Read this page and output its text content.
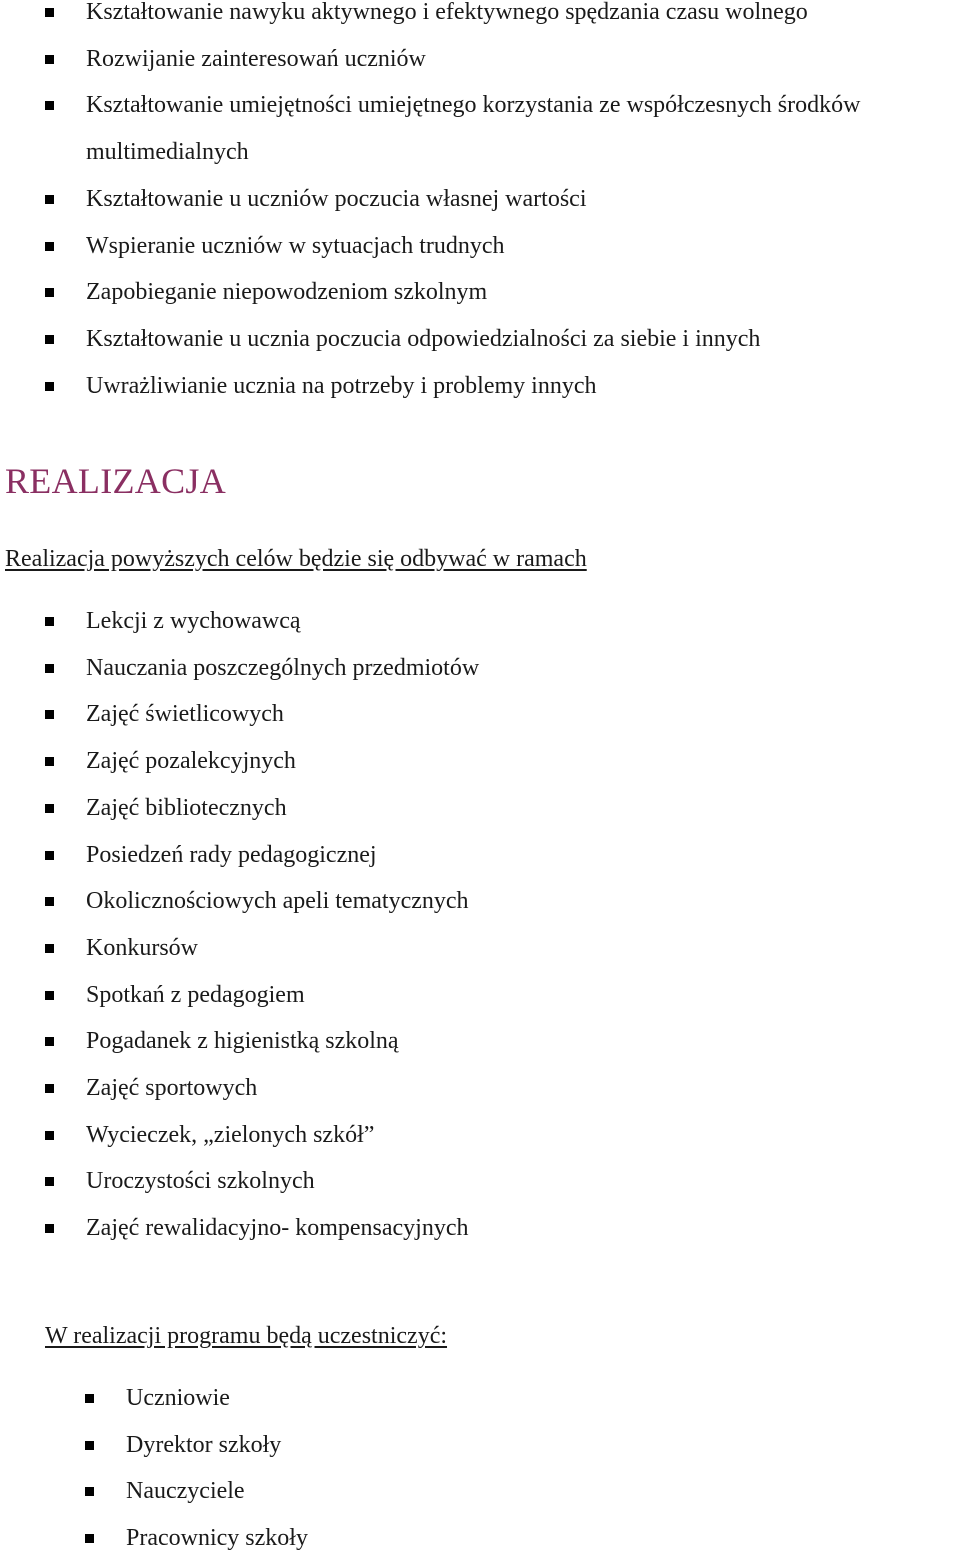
Kształtowanie nawyku aktywnego i efektywnego spędzania czasu wolnego
Rozwijanie zainteresowań uczniów
Kształtowanie umiejętności umiejętnego korzystania ze współczesnych środków
multimedialnych
Kształtowanie u uczniów poczucia własnej wartości
Wspieranie uczniów w sytuacjach trudnych
Zapobieganie niepowodzeniom szkolnym
Kształtowanie u ucznia poczucia odpowiedzialności za siebie i innych
Uwrażliwianie ucznia na potrzeby i problemy innych
REALIZACJA
Realizacja powyższych celów będzie się odbywać w ramach
Lekcji z wychowawcą
Nauczania poszczególnych przedmiotów
Zajęć świetlicowych
Zajęć pozalekcyjnych
Zajęć bibliotecznych
Posiedzeń rady pedagogicznej
Okolicznościowych apeli tematycznych
Konkursów
Spotkań z pedagogiem
Pogadanek z higienistką szkolną
Zajęć sportowych
Wycieczek, „zielonych szkół”
Uroczystości szkolnych
Zajęć rewalidacyjno- kompensacyjnych
W realizacji programu będą uczestniczyć:
Uczniowie
Dyrektor szkoły
Nauczyciele
Pracownicy szkoły
